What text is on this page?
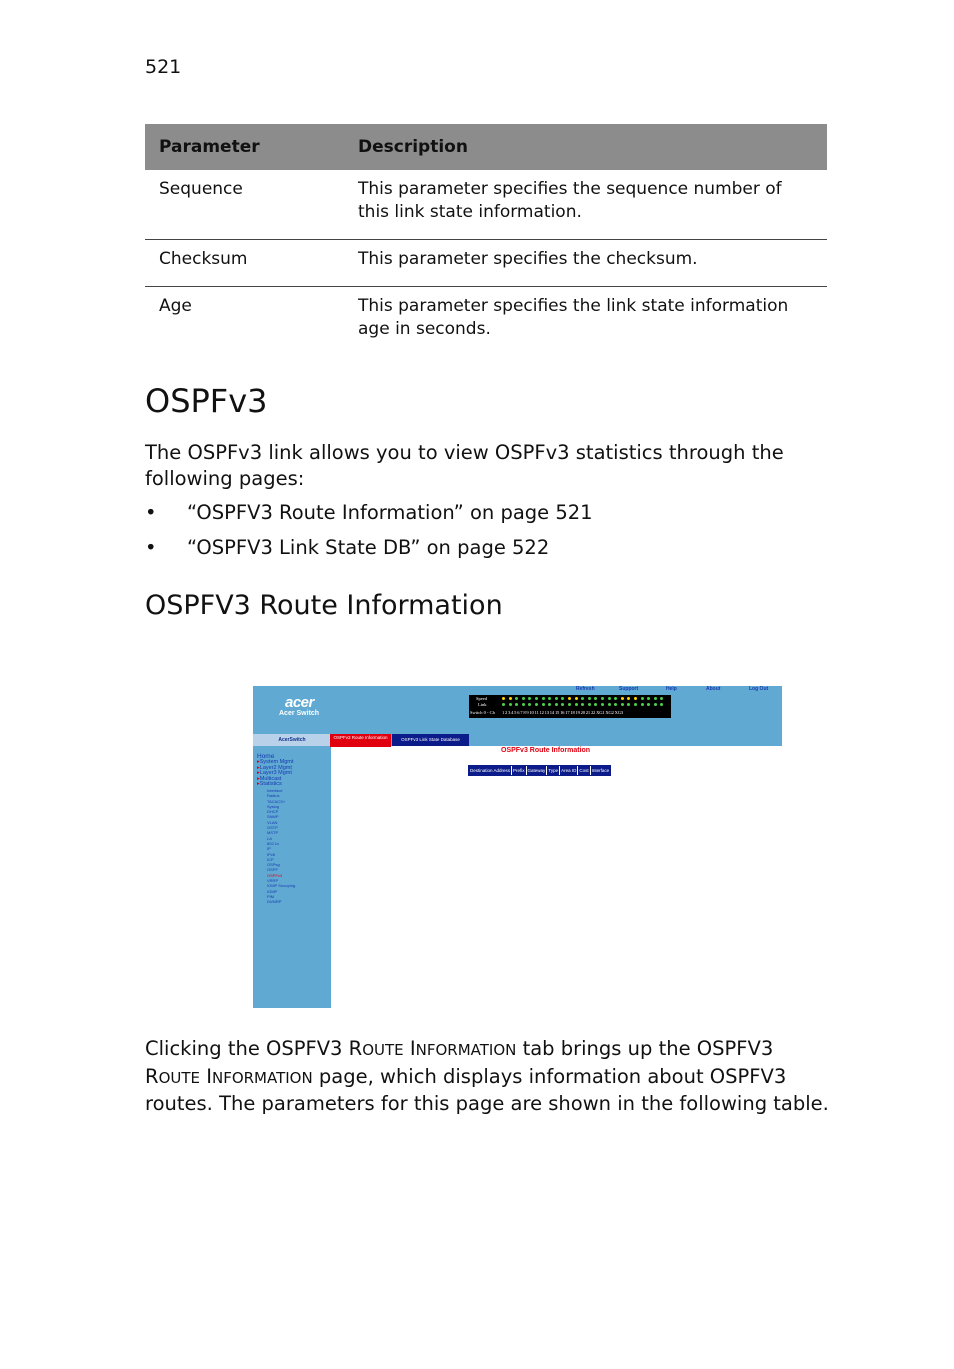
521
Parameter	Description
Sequence	This parameter specifies the sequence number of this link state information.
Checksum	This parameter specifies the checksum.
Age	This parameter specifies the link state information age in seconds.
OSPFv3

The OSPFv3 link allows you to view OSPFv3 statistics through the following pages:

• “OSPFV3 Route Information” on page 521
• “OSPFV3 Link State DB” on page 522
OSPFV3 Route Information
acer
Acer Switch
Refresh	Support	Help	About	Log Out
Speed
Link
Switch 0 - Ch 1 2 3 4 5 6 7 8 9 10 11 12 13 14 15 16 17 18 19 20 21 22 XG1 XG2 XG3
AcerSwitch	OSPFv3 Route Information	OSPFv3 Link State Database
OSPFv3 Route Information
Destination Address Prefix Gateway Type Area ID Cost Interface
Home
▸System Mgmt
▸Layer2 Mgmt
▸Layer3 Mgmt
▸Multicast
▸Statistics
Interface
Radius
TACACS+
Syslog
DHCP
SNMP
VLAN
GSTP
MSTP
LA
802.1x
IP
IPv6
ICP
OSPsg
OSPF
OSPFv3
VRRP
IGMP Snooping
IGMP
PIM
DVMRP

Clicking the OSPFV3 ROUTE INFORMATION tab brings up the OSPFV3 ROUTE INFORMATION page, which displays information about OSPFV3 routes. The parameters for this page are shown in the following table.
